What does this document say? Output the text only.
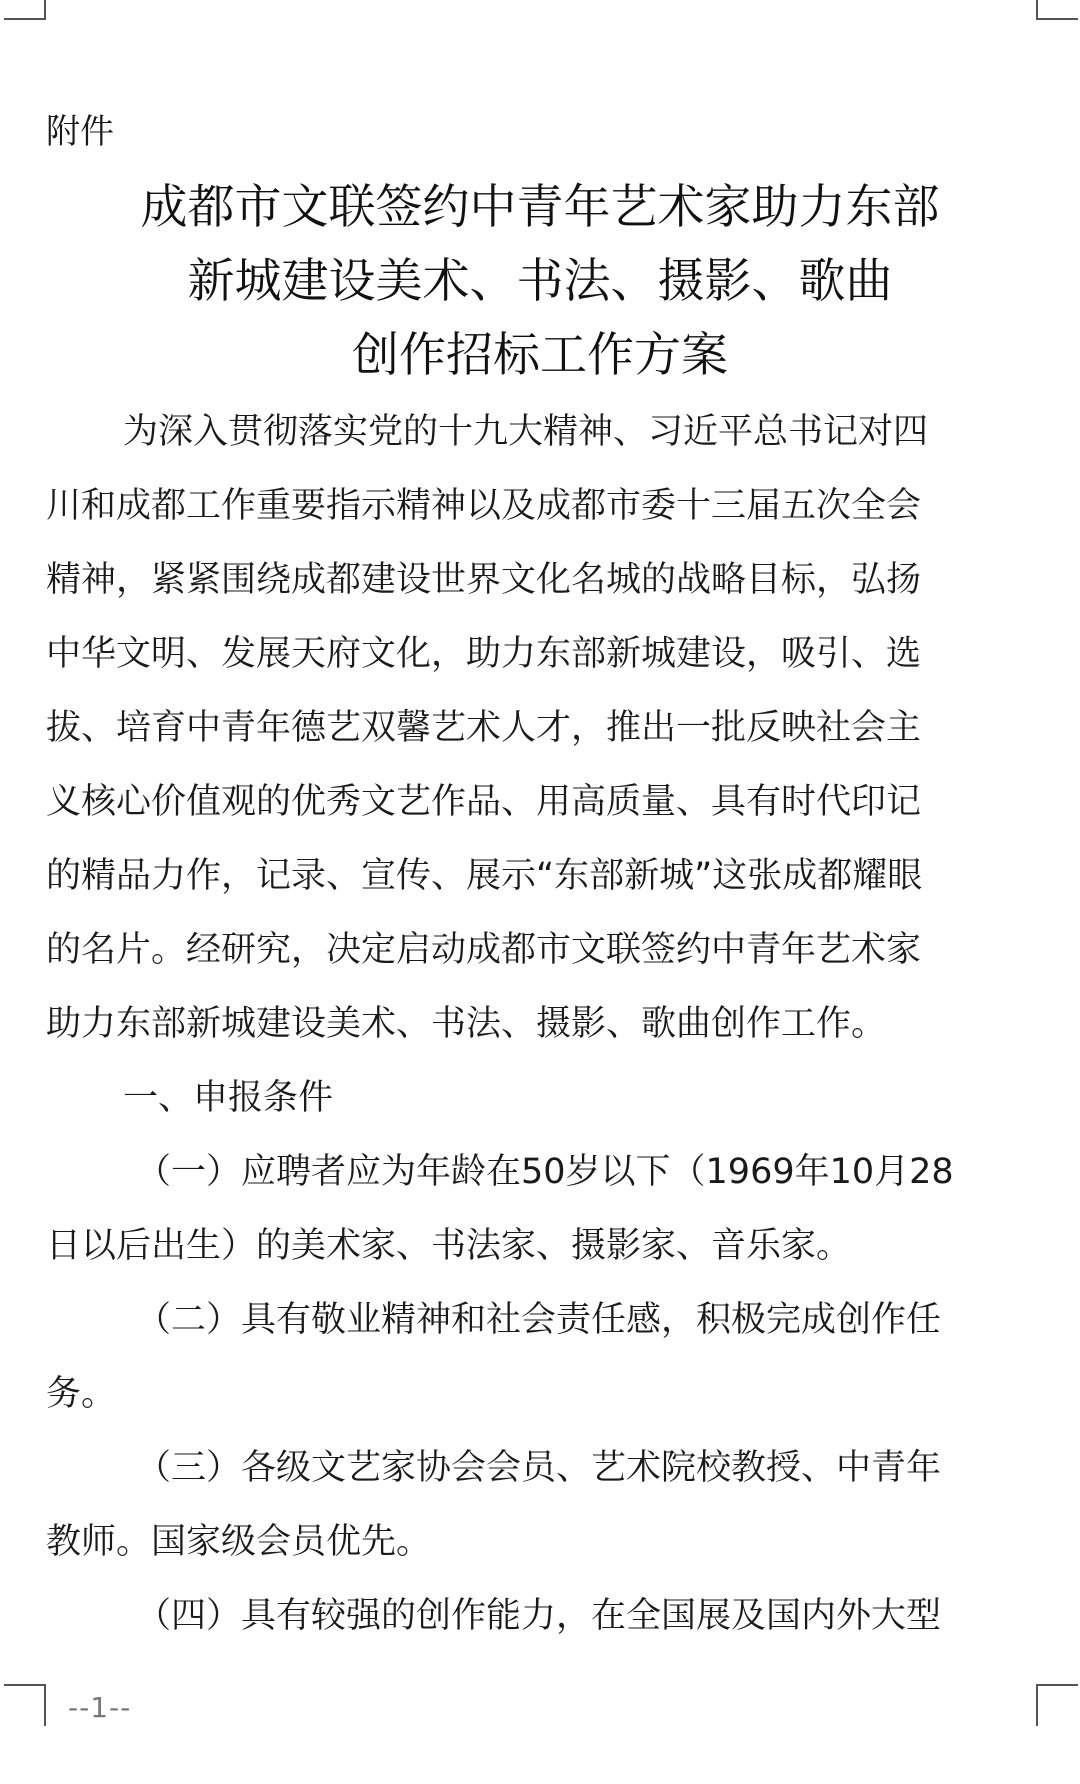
附件
成都市文联签约中青年艺术家助力东部
新城建设美术、书法、摄影、歌曲
创作招标工作方案
为深入贯彻落实党的十九大精神、习近平总书记对四
川和成都工作重要指示精神以及成都市委十三届五次全会
精神，紧紧围绕成都建设世界文化名城的战略目标，弘扬
中华文明、发展天府文化，助力东部新城建设，吸引、选
拔、培育中青年德艺双馨艺术人才，推出一批反映社会主
义核心价值观的优秀文艺作品、用高质量、具有时代印记
的精品力作，记录、宣传、展示“东部新城”这张成都耀眼
的名片。经研究，决定启动成都市文联签约中青年艺术家
助力东部新城建设美术、书法、摄影、歌曲创作工作。
一、申报条件
（一）应聘者应为年龄在50岁以下（1969年10月28
日以后出生）的美术家、书法家、摄影家、音乐家。
（二）具有敬业精神和社会责任感，积极完成创作任
务。
（三）各级文艺家协会会员、艺术院校教授、中青年
教师。国家级会员优先。
（四）具有较强的创作能力，在全国展及国内外大型
--1--
